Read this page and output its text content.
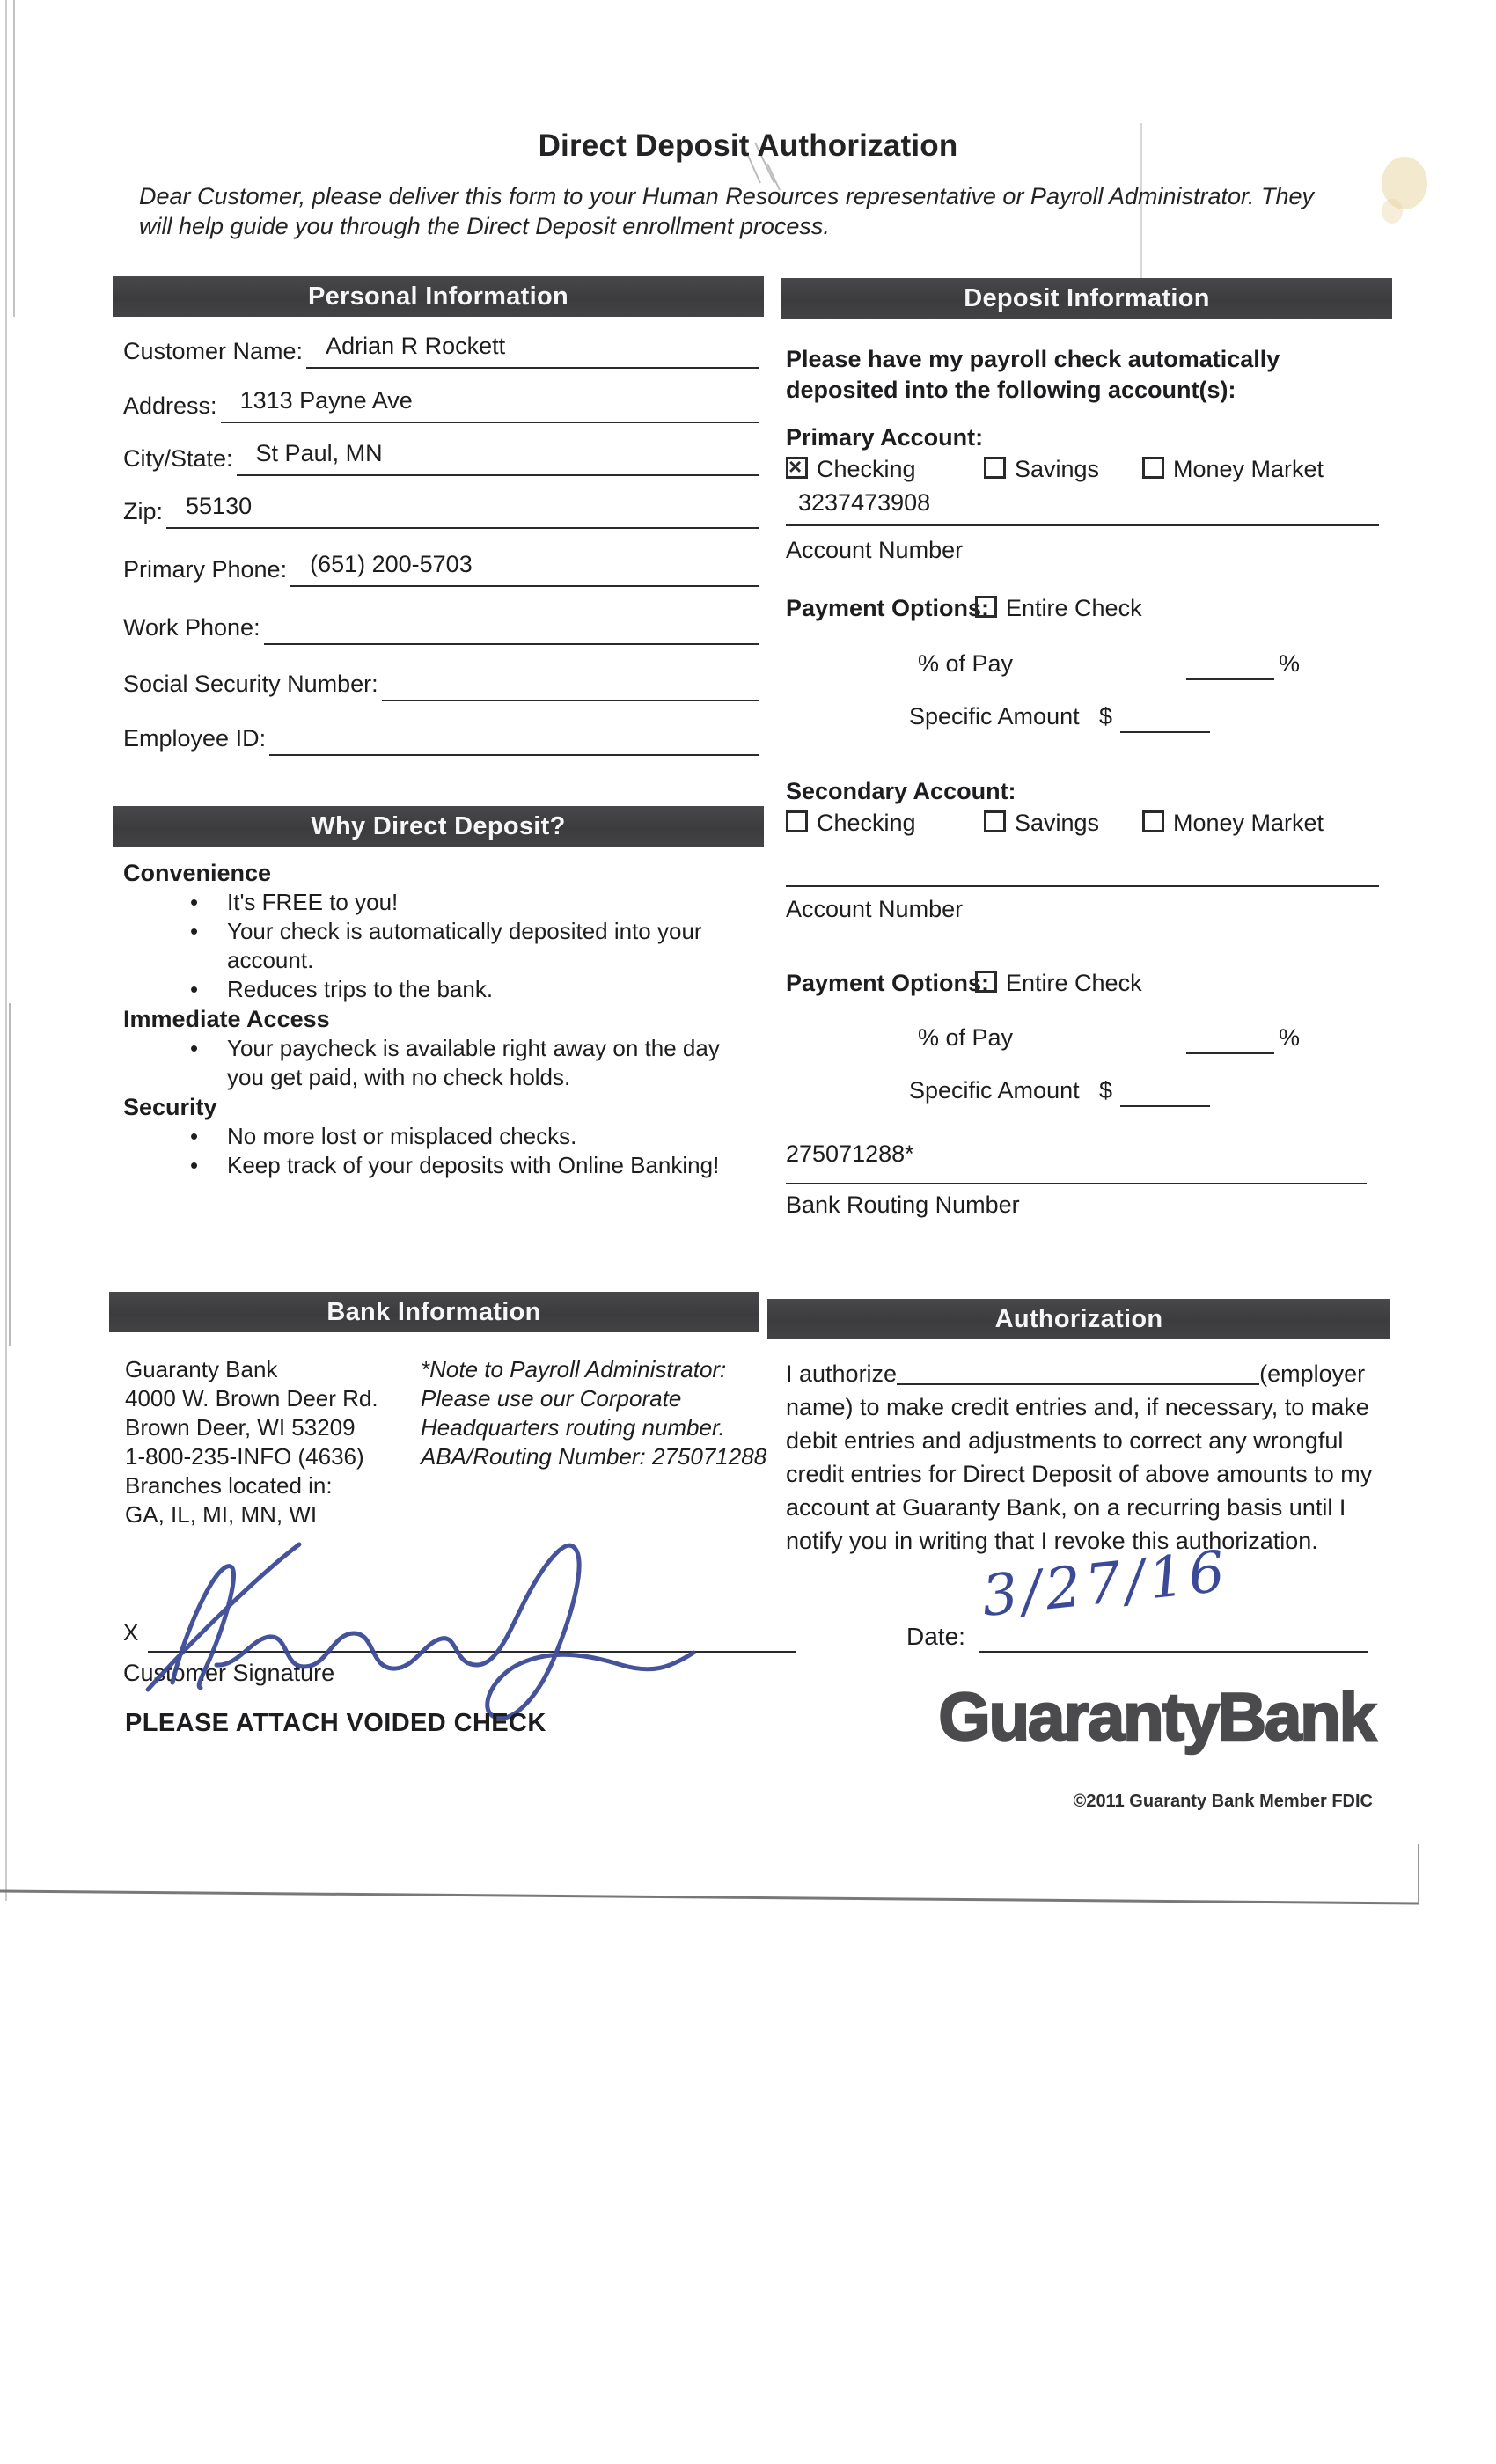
Direct Deposit Authorization
Dear Customer, please deliver this form to your Human Resources representative or Payroll Administrator. They will help guide you through the Direct Deposit enrollment process.
Personal Information	Deposit Information
Why Direct Deposit?
Bank Information	Authorization
Customer Name: Adrian R Rockett
Address: 1313 Payne Ave
City/State: St Paul, MN
Zip: 55130
Primary Phone: (651) 200-5703
Work Phone:
Social Security Number:
Employee ID:
Convenience
• It's FREE to you!
• Your check is automatically deposited into your account.
• Reduces trips to the bank.
Immediate Access
• Your paycheck is available right away on the day you get paid, with no check holds.
Security
• No more lost or misplaced checks.
• Keep track of your deposits with Online Banking!
Please have my payroll check automatically deposited into the following account(s):
Primary Account:
×Checking	Savings	Money Market
3237473908
Account Number
Payment Options: Entire Check
% of Pay	%
Specific Amount $
Secondary Account:
Checking	Savings	Money Market
Account Number
Payment Options: Entire Check
% of Pay	%
Specific Amount $
275071288*
Bank Routing Number
Guaranty Bank
4000 W. Brown Deer Rd.
Brown Deer, WI 53209
1-800-235-INFO (4636)
Branches located in:
GA, IL, MI, MN, WI
*Note to Payroll Administrator:
Please use our Corporate
Headquarters routing number.
ABA/Routing Number: 275071288
I authorize	(employer name) to make credit entries and, if necessary, to make debit entries and adjustments to correct any wrongful credit entries for Direct Deposit of above amounts to my account at Guaranty Bank, on a recurring basis until I notify you in writing that I revoke this authorization.
X
Customer Signature
Date:
3/27/16
PLEASE ATTACH VOIDED CHECK	GuarantyBank
©2011 Guaranty Bank Member FDIC
